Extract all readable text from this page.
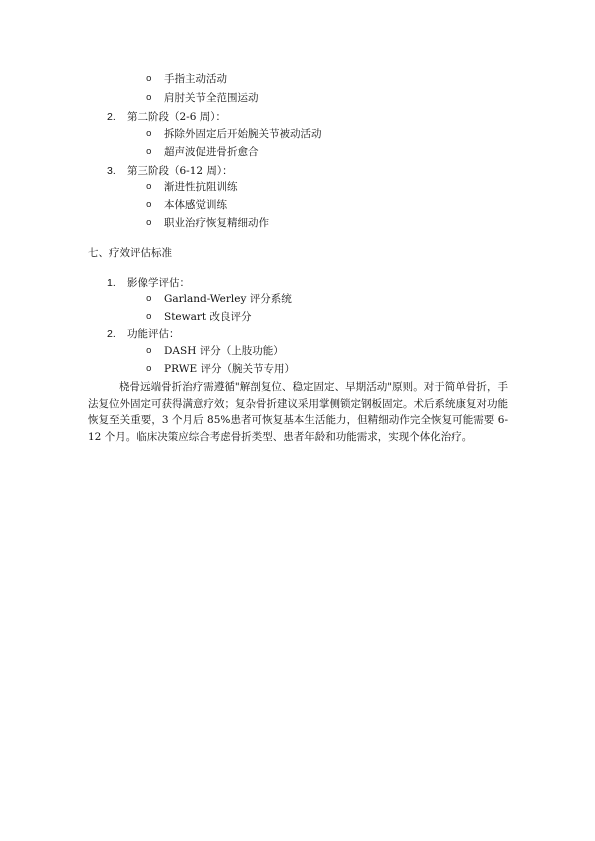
o 手指主动活动
o 肩肘关节全范围运动
2. 第二阶段（2-6 周）：
o 拆除外固定后开始腕关节被动活动
o 超声波促进骨折愈合
3. 第三阶段（6-12 周）：
o 渐进性抗阻训练
o 本体感觉训练
o 职业治疗恢复精细动作
七、疗效评估标准
1. 影像学评估：
o Garland-Werley 评分系统
o Stewart 改良评分
2. 功能评估：
o DASH 评分（上肢功能）
o PRWE 评分（腕关节专用）

桡骨远端骨折治疗需遵循"解剖复位、稳定固定、早期活动"原则。对于简单骨折，手法复位外固定可获得满意疗效；复杂骨折建议采用掌侧锁定钢板固定。术后系统康复对功能恢复至关重要，3 个月后 85%患者可恢复基本生活能力，但精细动作完全恢复可能需要 6-12 个月。临床决策应综合考虑骨折类型、患者年龄和功能需求，实现个体化治疗。
